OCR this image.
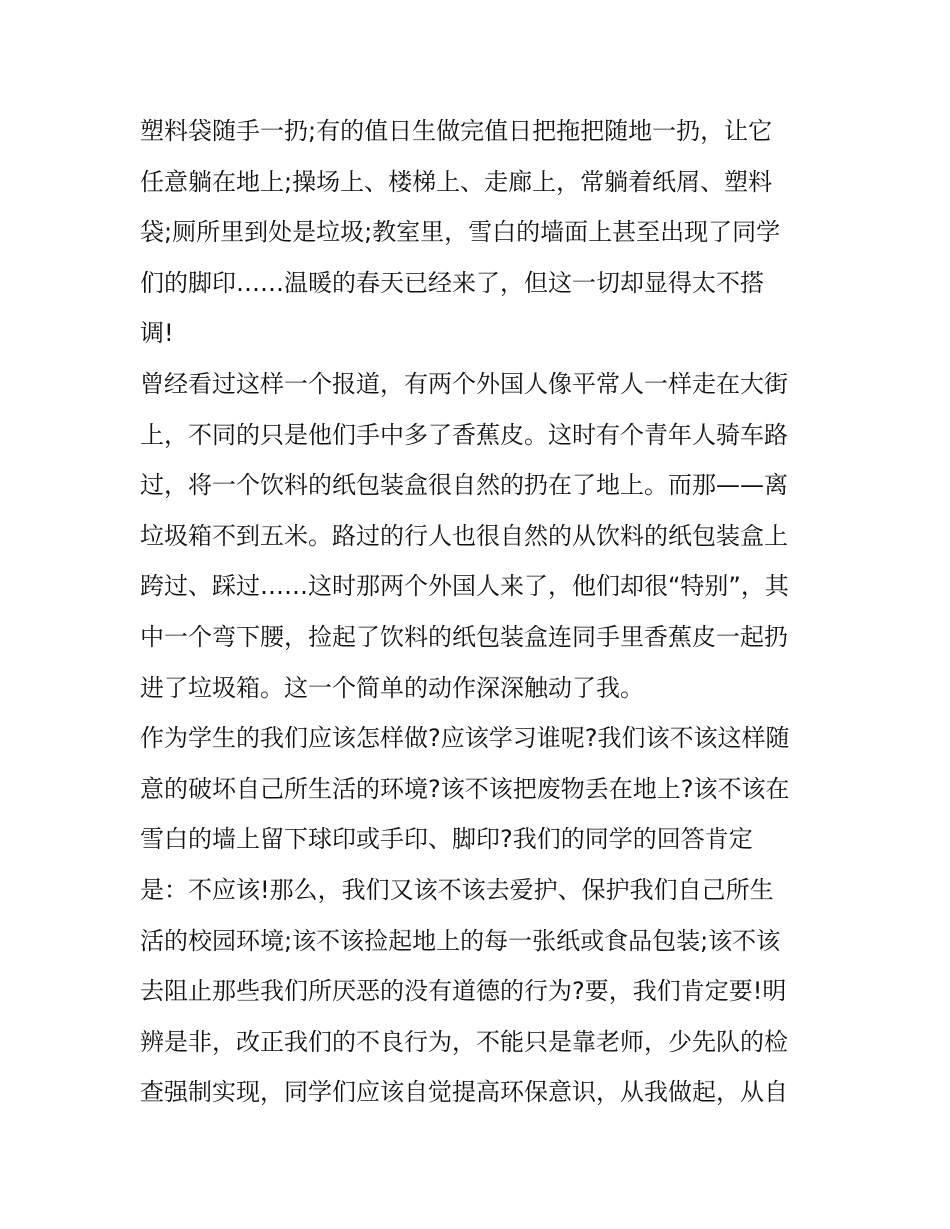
塑料袋随手一扔;有的值日生做完值日把拖把随地一扔，让它
任意躺在地上;操场上、楼梯上、走廊上，常躺着纸屑、塑料
袋;厕所里到处是垃圾;教室里，雪白的墙面上甚至出现了同学
们的脚印……温暖的春天已经来了，但这一切却显得太不搭
调!
曾经看过这样一个报道，有两个外国人像平常人一样走在大街
上，不同的只是他们手中多了香蕉皮。这时有个青年人骑车路
过，将一个饮料的纸包装盒很自然的扔在了地上。而那——离
垃圾箱不到五米。路过的行人也很自然的从饮料的纸包装盒上
跨过、踩过……这时那两个外国人来了，他们却很“特别”，其
中一个弯下腰，捡起了饮料的纸包装盒连同手里香蕉皮一起扔
进了垃圾箱。这一个简单的动作深深触动了我。
作为学生的我们应该怎样做?应该学习谁呢?我们该不该这样随
意的破坏自己所生活的环境?该不该把废物丢在地上?该不该在
雪白的墙上留下球印或手印、脚印?我们的同学的回答肯定
是：不应该!那么，我们又该不该去爱护、保护我们自己所生
活的校园环境;该不该捡起地上的每一张纸或食品包装;该不该
去阻止那些我们所厌恶的没有道德的行为?要，我们肯定要!明
辨是非，改正我们的不良行为，不能只是靠老师，少先队的检
查强制实现，同学们应该自觉提高环保意识，从我做起，从自
